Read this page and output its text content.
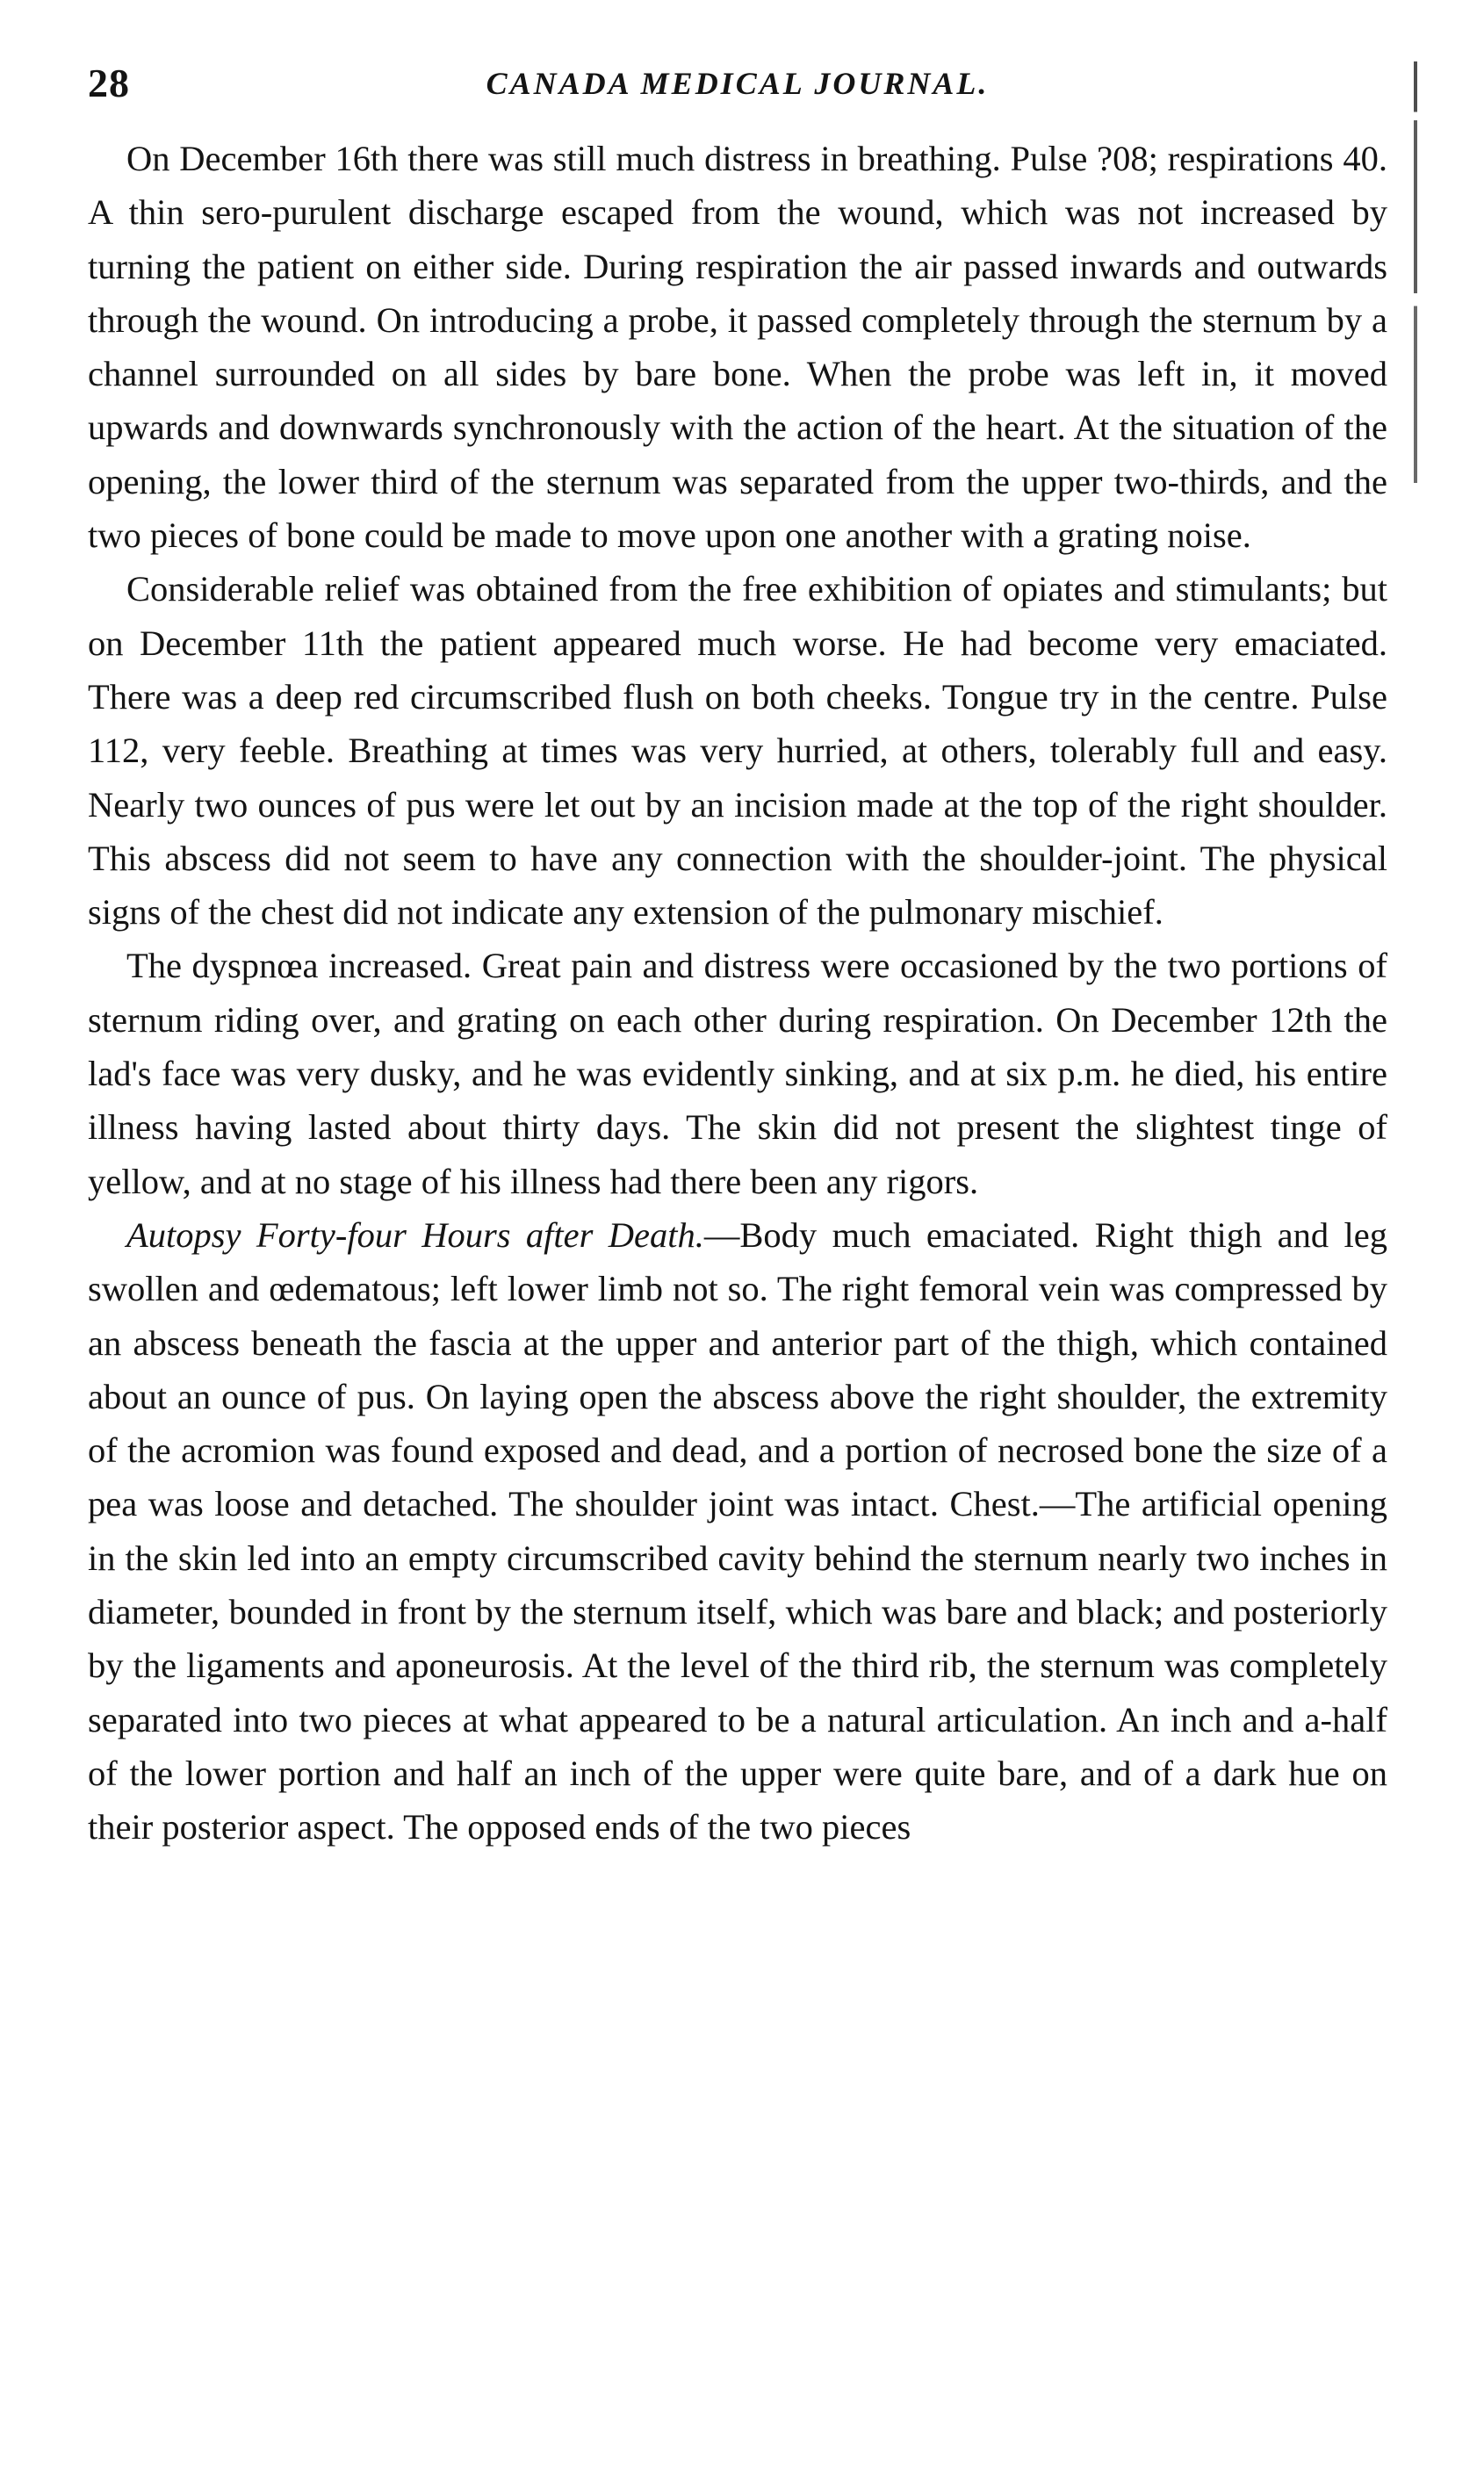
28	CANADA MEDICAL JOURNAL.

On December 16th there was still much distress in breathing. Pulse ?08; respirations 40. A thin sero-purulent discharge escaped from the wound, which was not increased by turning the patient on either side. During respiration the air passed inwards and outwards through the wound. On introducing a probe, it passed completely through the sternum by a channel surrounded on all sides by bare bone. When the probe was left in, it moved upwards and downwards synchronously with the action of the heart. At the situation of the opening, the lower third of the sternum was separated from the upper two-thirds, and the two pieces of bone could be made to move upon one another with a grating noise.

Considerable relief was obtained from the free exhibition of opiates and stimulants; but on December 11th the patient appeared much worse. He had become very emaciated. There was a deep red circumscribed flush on both cheeks. Tongue try in the centre. Pulse 112, very feeble. Breathing at times was very hurried, at others, tolerably full and easy. Nearly two ounces of pus were let out by an incision made at the top of the right shoulder. This abscess did not seem to have any connection with the shoulder-joint. The physical signs of the chest did not indicate any extension of the pulmonary mischief.

The dyspnœa increased. Great pain and distress were occasioned by the two portions of sternum riding over, and grating on each other during respiration. On December 12th the lad's face was very dusky, and he was evidently sinking, and at six p.m. he died, his entire illness having lasted about thirty days. The skin did not present the slightest tinge of yellow, and at no stage of his illness had there been any rigors.

Autopsy Forty-four Hours after Death.—Body much emaciated. Right thigh and leg swollen and œdematous; left lower limb not so. The right femoral vein was compressed by an abscess beneath the fascia at the upper and anterior part of the thigh, which contained about an ounce of pus. On laying open the abscess above the right shoulder, the extremity of the acromion was found exposed and dead, and a portion of necrosed bone the size of a pea was loose and detached. The shoulder joint was intact. Chest.—The artificial opening in the skin led into an empty circumscribed cavity behind the sternum nearly two inches in diameter, bounded in front by the sternum itself, which was bare and black; and posteriorly by the ligaments and aponeurosis. At the level of the third rib, the sternum was completely separated into two pieces at what appeared to be a natural articulation. An inch and a-half of the lower portion and half an inch of the upper were quite bare, and of a dark hue on their posterior aspect. The opposed ends of the two pieces
